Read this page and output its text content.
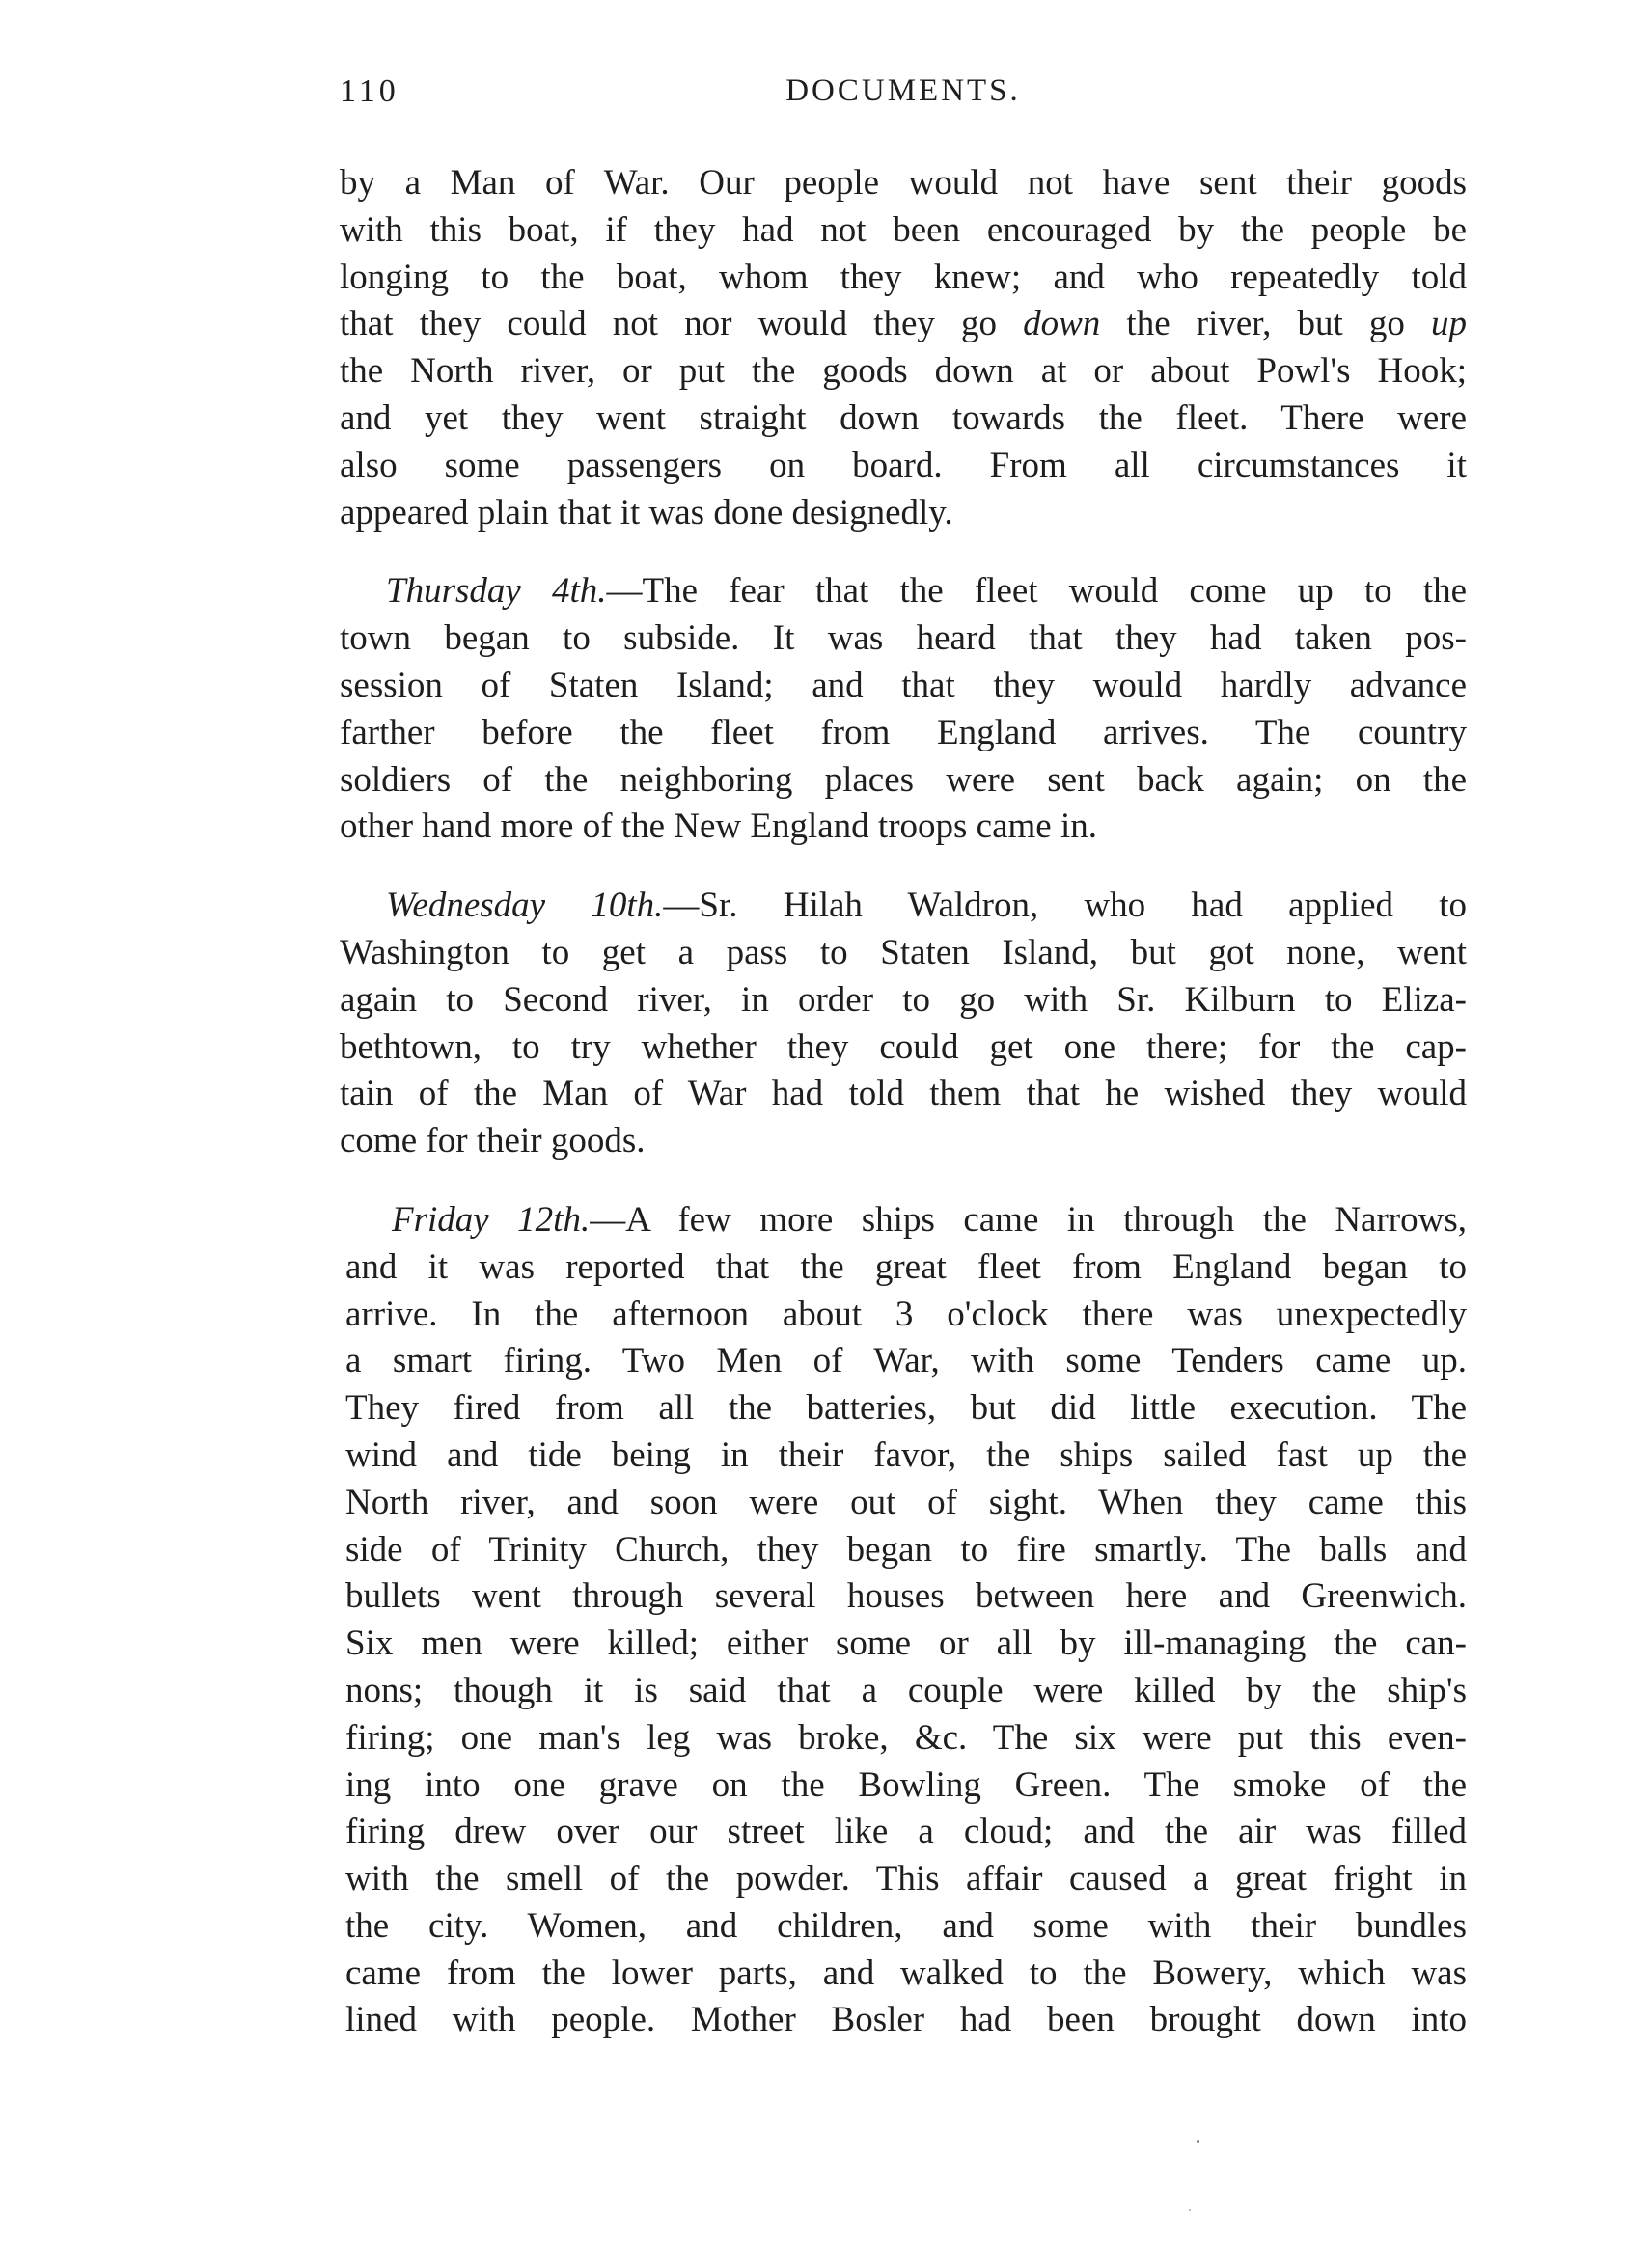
110	DOCUMENTS.
by a Man of War. Our people would not have sent their goods
with this boat, if they had not been encouraged by the people be
longing to the boat, whom they knew; and who repeatedly told
that they could not nor would they go down the river, but go up
the North river, or put the goods down at or about Powl's Hook;
and yet they went straight down towards the fleet. There were
also some passengers on board. From all circumstances it
appeared plain that it was done designedly.
Thursday 4th.—The fear that the fleet would come up to the
town began to subside. It was heard that they had taken pos-
session of Staten Island; and that they would hardly advance
farther before the fleet from England arrives. The country
soldiers of the neighboring places were sent back again; on the
other hand more of the New England troops came in.
Wednesday 10th.—Sr. Hilah Waldron, who had applied to
Washington to get a pass to Staten Island, but got none, went
again to Second river, in order to go with Sr. Kilburn to Eliza-
bethtown, to try whether they could get one there; for the cap-
tain of the Man of War had told them that he wished they would
come for their goods.
Friday 12th.—A few more ships came in through the Narrows,
and it was reported that the great fleet from England began to
arrive. In the afternoon about 3 o'clock there was unexpectedly
a smart firing. Two Men of War, with some Tenders came up.
They fired from all the batteries, but did little execution. The
wind and tide being in their favor, the ships sailed fast up the
North river, and soon were out of sight. When they came this
side of Trinity Church, they began to fire smartly. The balls and
bullets went through several houses between here and Greenwich.
Six men were killed; either some or all by ill-managing the can-
nons; though it is said that a couple were killed by the ship's
firing; one man's leg was broke, &c. The six were put this even-
ing into one grave on the Bowling Green. The smoke of the
firing drew over our street like a cloud; and the air was filled
with the smell of the powder. This affair caused a great fright in
the city. Women, and children, and some with their bundles
came from the lower parts, and walked to the Bowery, which was
lined with people. Mother Bosler had been brought down into
